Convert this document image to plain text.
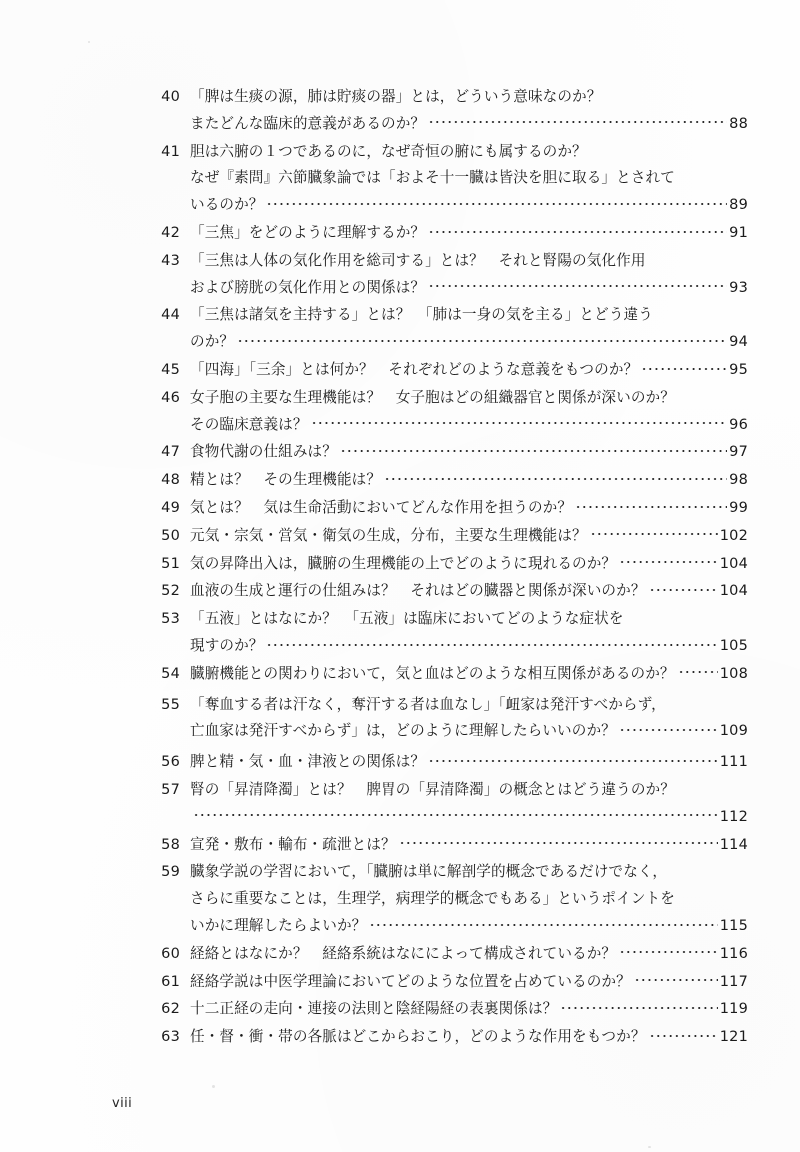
40 「脾は生痰の源，肺は貯痰の器」とは，どういう意味なのか？
またどんな臨床的意義があるのか？	88
41 胆は六腑の１つであるのに，なぜ奇恒の腑にも属するのか？
なぜ『素問』六節臓象論では「およそ十一臓は皆決を胆に取る」とされて
いるのか？	89
42 「三焦」をどのように理解するか？	91
43 「三焦は人体の気化作用を総司する」とは？　それと腎陽の気化作用
および膀胱の気化作用との関係は？	93
44 「三焦は諸気を主持する」とは？　「肺は一身の気を主る」とどう違う
のか？	94
45 「四海」「三余」とは何か？　それぞれどのような意義をもつのか？	95
46 女子胞の主要な生理機能は？　女子胞はどの組織器官と関係が深いのか？
その臨床意義は？	96
47 食物代謝の仕組みは？	97
48 精とは？　その生理機能は？	98
49 気とは？　気は生命活動においてどんな作用を担うのか？	99
50 元気・宗気・営気・衛気の生成，分布，主要な生理機能は？	102
51 気の昇降出入は，臓腑の生理機能の上でどのように現れるのか？	104
52 血液の生成と運行の仕組みは？　それはどの臓器と関係が深いのか？	104
53 「五液」とはなにか？　「五液」は臨床においてどのような症状を
現すのか？	105
54 臓腑機能との関わりにおいて，気と血はどのような相互関係があるのか？	108
55 「奪血する者は汗なく，奪汗する者は血なし」「衄家は発汗すべからず，
亡血家は発汗すべからず」は，どのように理解したらいいのか？	109
56 脾と精・気・血・津液との関係は？	111
57 腎の「昇清降濁」とは？　脾胃の「昇清降濁」の概念とはどう違うのか？
112
58 宣発・敷布・輸布・疏泄とは？	114
59 臓象学説の学習において，「臓腑は単に解剖学的概念であるだけでなく，
さらに重要なことは，生理学，病理学的概念でもある」というポイントを
いかに理解したらよいか？	115
60 経絡とはなにか？　経絡系統はなにによって構成されているか？	116
61 経絡学説は中医学理論においてどのような位置を占めているのか？	117
62 十二正経の走向・連接の法則と陰経陽経の表裏関係は？	119
63 任・督・衝・帯の各脈はどこからおこり，どのような作用をもつか？	121
viii
